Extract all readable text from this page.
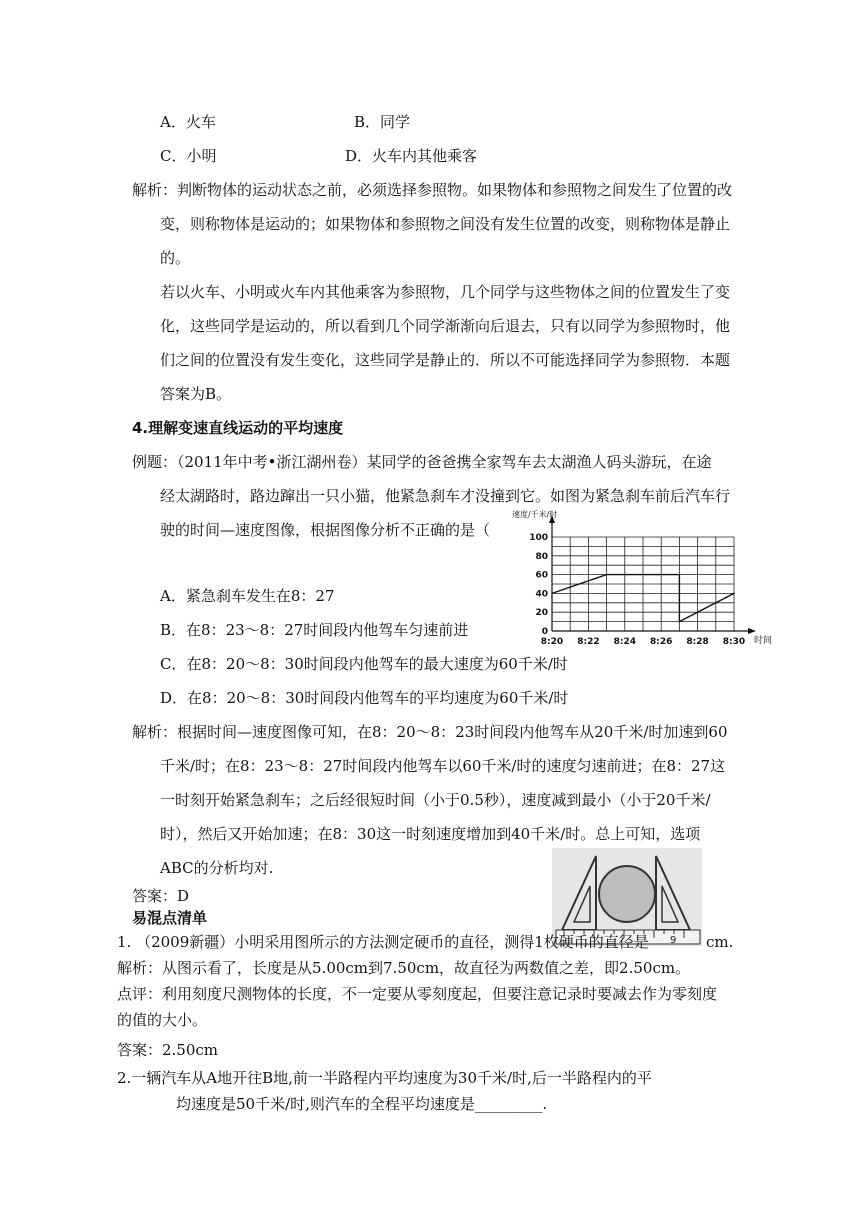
A．火车	B．同学
C．小明	D．火车内其他乘客
解析：判断物体的运动状态之前，必须选择参照物。如果物体和参照物之间发生了位置的改
变，则称物体是运动的；如果物体和参照物之间没有发生位置的改变，则称物体是静止
的。
若以火车、小明或火车内其他乘客为参照物，几个同学与这些物体之间的位置发生了变
化，这些同学是运动的，所以看到几个同学渐渐向后退去，只有以同学为参照物时，他
们之间的位置没有发生变化，这些同学是静止的．所以不可能选择同学为参照物．本题
答案为B。
4.理解变速直线运动的平均速度
例题：（2011年中考•浙江湖州卷）某同学的爸爸携全家驾车去太湖渔人码头游玩，在途
经太湖路时，路边蹿出一只小猫，他紧急刹车才没撞到它。如图为紧急刹车前后汽车行
驶的时间—速度图像，根据图像分析不正确的是（
A．紧急刹车发生在8：27
B．在8：23～8：27时间段内他驾车匀速前进
C．在8：20～8：30时间段内他驾车的最大速度为60千米/时
D．在8：20～8：30时间段内他驾车的平均速度为60千米/时
解析：根据时间—速度图像可知，在8：20～8：23时间段内他驾车从20千米/时加速到60
千米/时；在8：23～8：27时间段内他驾车以60千米/时的速度匀速前进；在8：27这
一时刻开始紧急刹车；之后经很短时间（小于0.5秒），速度减到最小（小于20千米/
时），然后又开始加速；在8：30这一时刻速度增加到40千米/时。总上可知，选项
ABC的分析均对.
答案：D
易混点清单
9
1. （2009新疆）小明采用图所示的方法测定硬币的直径，测得1枚硬币的直径是	cm.
解析：从图示看了，长度是从5.00cm到7.50cm，故直径为两数值之差，即2.50cm。
点评：利用刻度尺测物体的长度，不一定要从零刻度起，但要注意记录时要减去作为零刻度
的值的大小。
答案：2.50cm
2.一辆汽车从A地开往B地,前一半路程内平均速度为30千米/时,后一半路程内的平
均速度是50千米/时,则汽车的全程平均速度是_________.
100
80
60
40
20
0
8:20 8:22 8:24 8:26 8:28 8:30
速度/千米/时
时间
